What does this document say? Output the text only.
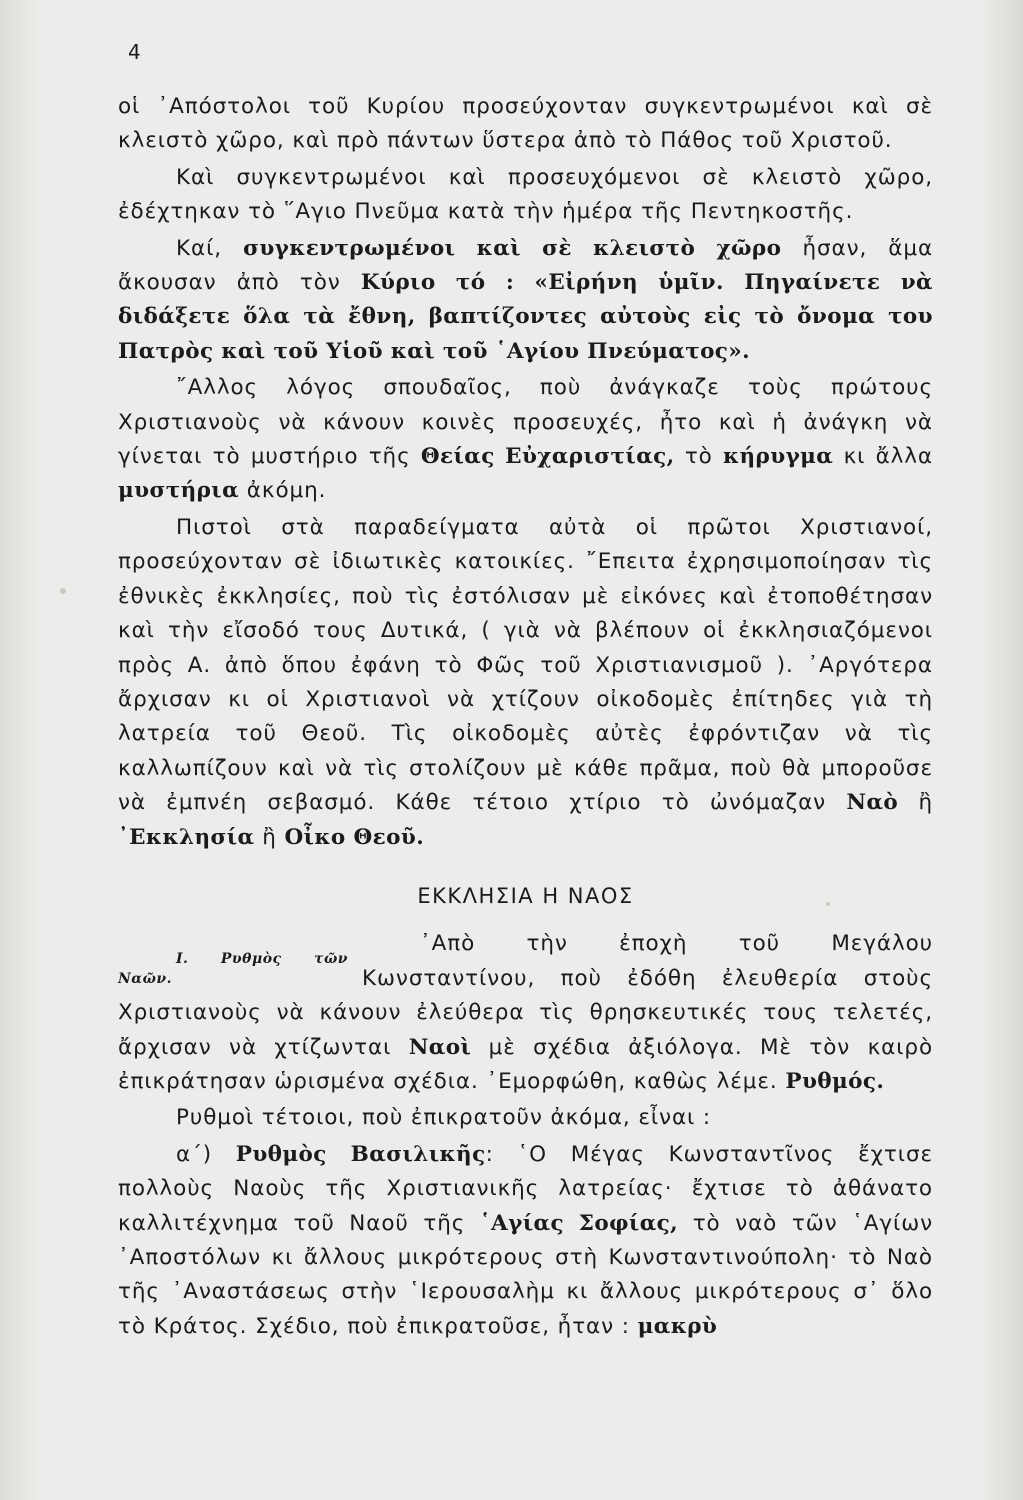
4

οἱ ᾿Απόστολοι τοῦ Κυρίου προσεύχονταν συγκεντρωμένοι καὶ σὲ κλειστὸ χῶρο, καὶ πρὸ πάντων ὕστερα ἀπὸ τὸ Πάθος τοῦ Χριστοῦ.

Καὶ συγκεντρωμένοι καὶ προσευχόμενοι σὲ κλειστὸ χῶρο, ἐδέχτηκαν τὸ ῞Αγιο Πνεῦμα κατὰ τὴν ἡμέρα τῆς Πεντηκοστῆς.

Καί, συγκεντρωμένοι καὶ σὲ κλειστὸ χῶρο ἦσαν, ἅμα ἄκουσαν ἀπὸ τὸν Κύριο τό : «Εἰρήνη ὑμῖν. Πηγαίνετε νὰ διδάξετε ὅλα τὰ ἔθνη, βαπτίζοντες αὐτοὺς εἰς τὸ ὄνομα του Πατρὸς καὶ τοῦ Υἱοῦ καὶ τοῦ ῾Αγίου Πνεύματος».

῎Αλλος λόγος σπουδαῖος, ποὺ ἀνάγκαζε τοὺς πρώτους Χριστιανοὺς νὰ κάνουν κοινὲς προσευχές, ἦτο καὶ ἡ ἀνάγκη νὰ γίνεται τὸ μυστήριο τῆς Θείας Εὐχαριστίας, τὸ κήρυγμα κι ἄλλα μυστήρια ἀκόμη.

Πιστοὶ στὰ παραδείγματα αὐτὰ οἱ πρῶτοι Χριστιανοί, προσεύχονταν σὲ ἰδιωτικὲς κατοικίες. ῎Επειτα ἐχρησιμοποίησαν τὶς ἐθνικὲς ἐκκλησίες, ποὺ τὶς ἐστόλισαν μὲ εἰκόνες καὶ ἐτοποθέτησαν καὶ τὴν εἴσοδό τους Δυτικά, ( γιὰ νὰ βλέπουν οἱ ἐκκλησιαζόμενοι πρὸς Α. ἀπὸ ὅπου ἐφάνη τὸ Φῶς τοῦ Χριστιανισμοῦ ). ᾿Αργότερα ἄρχισαν κι οἱ Χριστιανοὶ νὰ χτίζουν οἰκοδομὲς ἐπίτηδες γιὰ τὴ λατρεία τοῦ Θεοῦ. Τὶς οἰκοδομὲς αὐτὲς ἐφρόντιζαν νὰ τὶς καλλωπίζουν καὶ νὰ τὶς στολίζουν μὲ κάθε πρᾶμα, ποὺ θὰ μποροῦσε νὰ ἐμπνέη σεβασμό. Κάθε τέτοιο χτίριο τὸ ὠνόμαζαν Ναὸ ἢ ᾿Εκκλησία ἢ Οἶκο Θεοῦ.

ΕΚΚΛΗΣΙΑ Η ΝΑΟΣ

Ι. Ρυθμὸς τῶν Ναῶν.
᾿Απὸ τὴν ἐποχὴ τοῦ Μεγάλου Κωνσταντίνου, ποὺ ἐδόθη ἐλευθερία στοὺς Χριστιανοὺς νὰ κάνουν ἐλεύθερα τὶς θρησκευτικές τους τελετές, ἄρχισαν νὰ χτίζωνται Ναοὶ μὲ σχέδια ἀξιόλογα. Μὲ τὸν καιρὸ ἐπικράτησαν ὡρισμένα σχέδια. ᾿Εμορφώθη, καθὼς λέμε. Ρυθμός.

Ρυθμοὶ τέτοιοι, ποὺ ἐπικρατοῦν ἀκόμα, εἶναι :

α΄) Ρυθμὸς Βασιλικῆς: ῾Ο Μέγας Κωνσταντῖνος ἔχτισε πολλοὺς Ναοὺς τῆς Χριστιανικῆς λατρείας· ἔχτισε τὸ ἀθάνατο καλλιτέχνημα τοῦ Ναοῦ τῆς ῾Αγίας Σοφίας, τὸ ναὸ τῶν ῾Αγίων ᾿Αποστόλων κι ἄλλους μικρότερους στὴ Κωνσταντινούπολη· τὸ Ναὸ τῆς ᾿Αναστάσεως στὴν ῾Ιερουσαλὴμ κι ἄλλους μικρότερους σ᾿ ὅλο τὸ Κράτος. Σχέδιο, ποὺ ἐπικρατοῦσε, ἦταν : μακρὺ
